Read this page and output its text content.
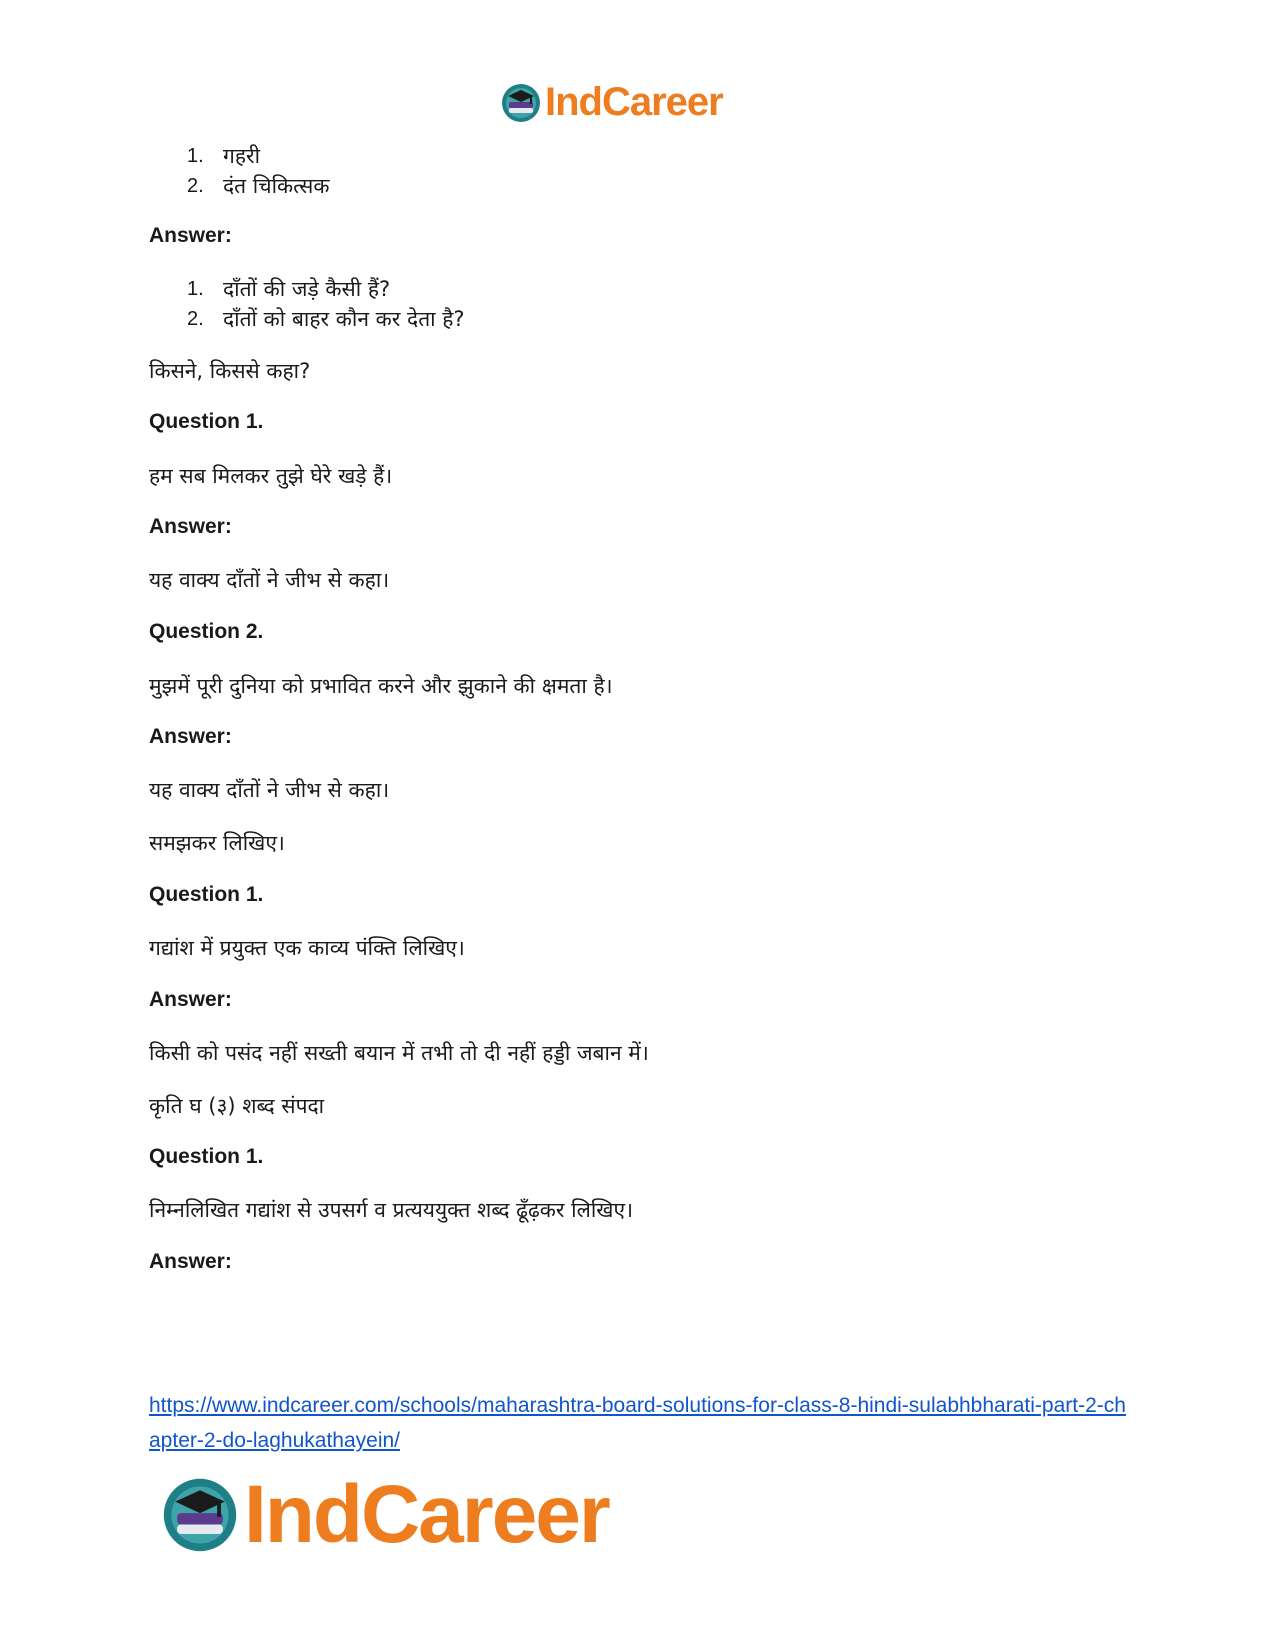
IndCareer
1. गहरी
2. दंत चिकित्सक
Answer:
1. दाँतों की जड़े कैसी हैं?
2. दाँतों को बाहर कौन कर देता है?
किसने, किससे कहा?
Question 1.
हम सब मिलकर तुझे घेरे खड़े हैं।
Answer:
यह वाक्य दाँतों ने जीभ से कहा।
Question 2.
मुझमें पूरी दुनिया को प्रभावित करने और झुकाने की क्षमता है।
Answer:
यह वाक्य दाँतों ने जीभ से कहा।
समझकर लिखिए।
Question 1.
गद्यांश में प्रयुक्त एक काव्य पंक्ति लिखिए।
Answer:
किसी को पसंद नहीं सख्ती बयान में तभी तो दी नहीं हड्डी जबान में।
कृति घ (३) शब्द संपदा
Question 1.
निम्नलिखित गद्यांश से उपसर्ग व प्रत्यययुक्त शब्द ढूँढ़कर लिखिए।
Answer:
https://www.indcareer.com/schools/maharashtra-board-solutions-for-class-8-hindi-sulabhbharati-part-2-chapter-2-do-laghukathayein/
IndCareer
